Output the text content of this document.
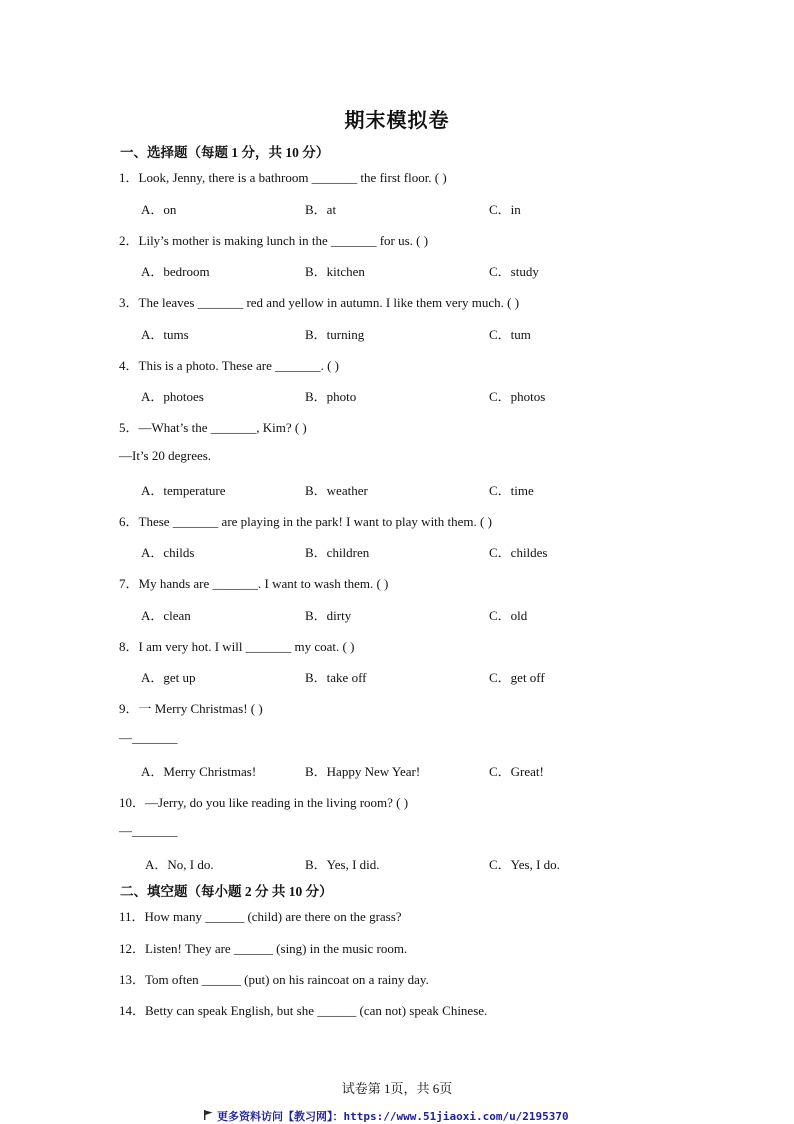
期末模拟卷
一、选择题（每题 1 分，共 10 分）
1．Look, Jenny, there is a bathroom _______ the first floor. ( )
A．on	B．at	C．in
2．Lily’s mother is making lunch in the _______ for us. ( )
A．bedroom	B．kitchen	C．study
3．The leaves _______ red and yellow in autumn. I like them very much. ( )
A．tums	B．turning	C．tum
4．This is a photo. These are _______. ( )
A．photoes	B．photo	C．photos
5．—What’s the _______, Kim? ( )
—It’s 20 degrees.
A．temperature	B．weather	C．time
6．These _______ are playing in the park! I want to play with them. ( )
A．childs	B．children	C．childes
7．My hands are _______. I want to wash them. ( )
A．clean	B．dirty	C．old
8．I am very hot. I will _______ my coat. ( )
A．get up	B．take off	C．get off
9．一 Merry Christmas! ( )
—_______
A．Merry Christmas!	B．Happy New Year!	C．Great!
10．—Jerry, do you like reading in the living room? ( )
—_______
A．No, I do.	B．Yes, I did.	C．Yes, I do.
二、填空题（每小题 2 分 共 10 分）
11．How many ______ (child) are there on the grass?
12．Listen! They are ______ (sing) in the music room.
13．Tom often ______ (put) on his raincoat on a rainy day.
14．Betty can speak English, but she ______ (can not) speak Chinese.
试卷第 1页，共 6页
更多资料访问【教习网】：https://www.51jiaoxi.com/u/2195370
